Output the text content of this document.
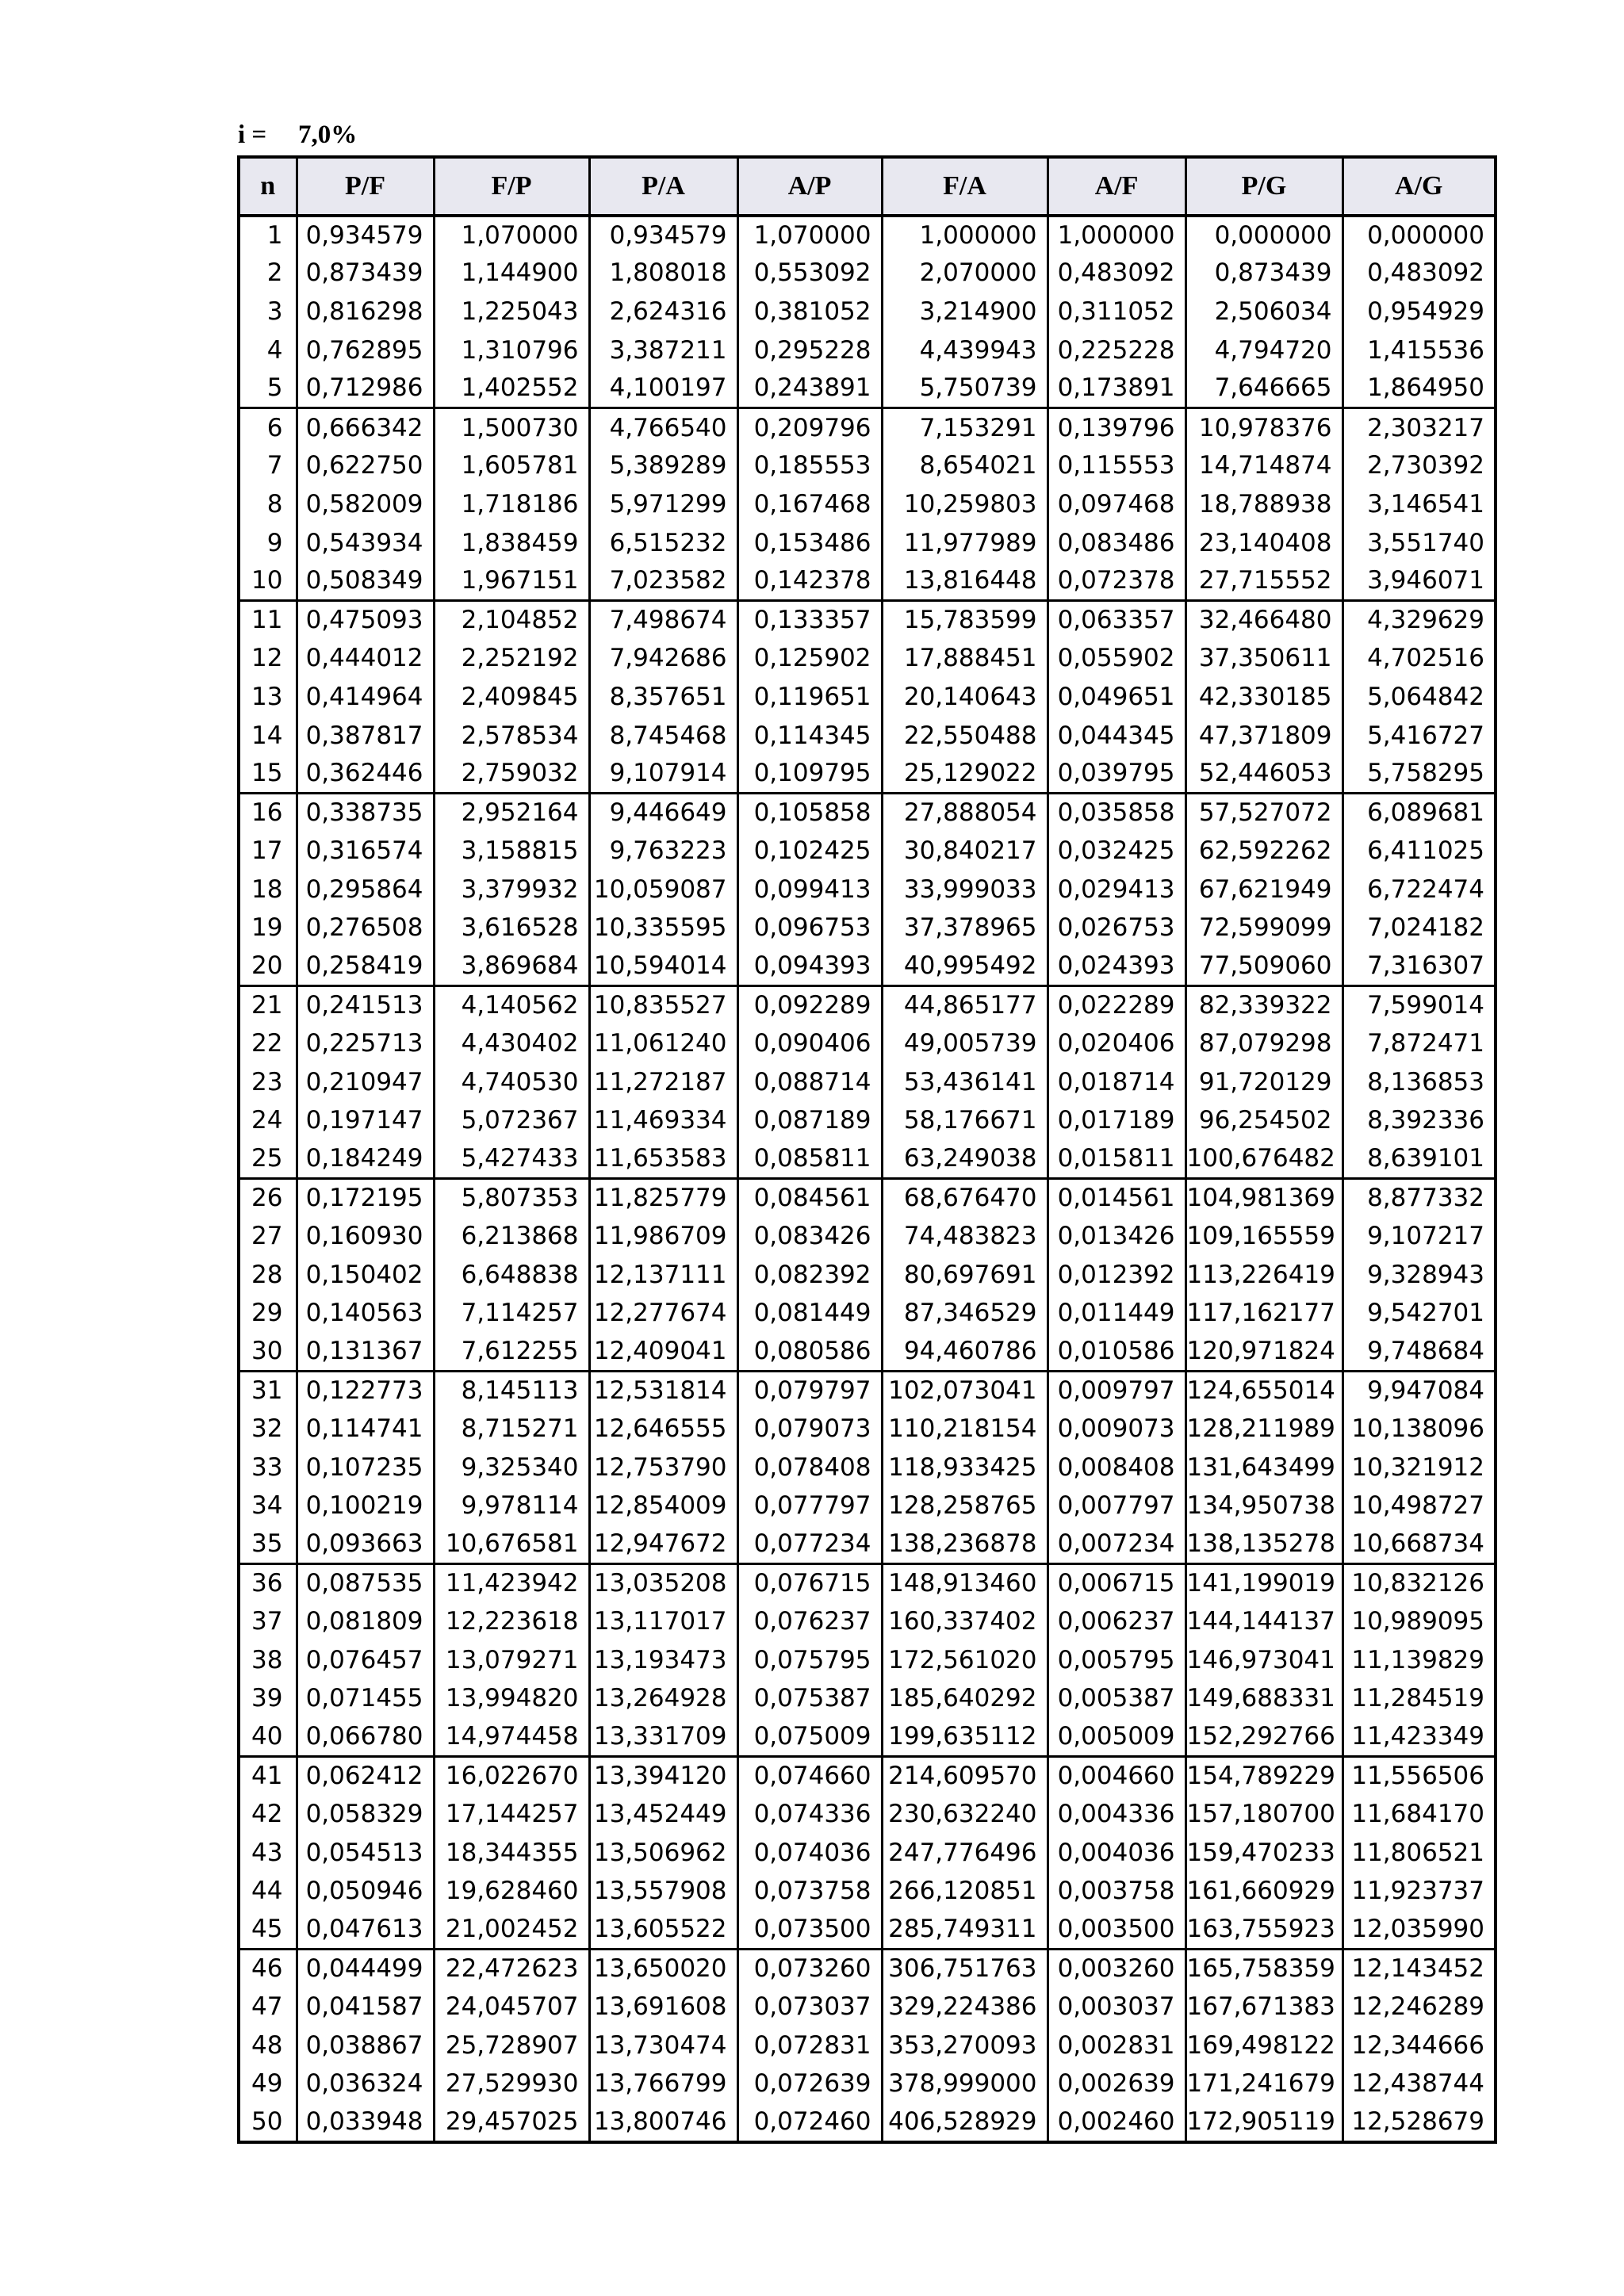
i = 7,0%
n	P/F	F/P	P/A	A/P	F/A	A/F	P/G	A/G
1	0,934579	1,070000	0,934579	1,070000	1,000000	1,000000	0,000000	0,000000
2	0,873439	1,144900	1,808018	0,553092	2,070000	0,483092	0,873439	0,483092
3	0,816298	1,225043	2,624316	0,381052	3,214900	0,311052	2,506034	0,954929
4	0,762895	1,310796	3,387211	0,295228	4,439943	0,225228	4,794720	1,415536
5	0,712986	1,402552	4,100197	0,243891	5,750739	0,173891	7,646665	1,864950
6	0,666342	1,500730	4,766540	0,209796	7,153291	0,139796	10,978376	2,303217
7	0,622750	1,605781	5,389289	0,185553	8,654021	0,115553	14,714874	2,730392
8	0,582009	1,718186	5,971299	0,167468	10,259803	0,097468	18,788938	3,146541
9	0,543934	1,838459	6,515232	0,153486	11,977989	0,083486	23,140408	3,551740
10	0,508349	1,967151	7,023582	0,142378	13,816448	0,072378	27,715552	3,946071
11	0,475093	2,104852	7,498674	0,133357	15,783599	0,063357	32,466480	4,329629
12	0,444012	2,252192	7,942686	0,125902	17,888451	0,055902	37,350611	4,702516
13	0,414964	2,409845	8,357651	0,119651	20,140643	0,049651	42,330185	5,064842
14	0,387817	2,578534	8,745468	0,114345	22,550488	0,044345	47,371809	5,416727
15	0,362446	2,759032	9,107914	0,109795	25,129022	0,039795	52,446053	5,758295
16	0,338735	2,952164	9,446649	0,105858	27,888054	0,035858	57,527072	6,089681
17	0,316574	3,158815	9,763223	0,102425	30,840217	0,032425	62,592262	6,411025
18	0,295864	3,379932	10,059087	0,099413	33,999033	0,029413	67,621949	6,722474
19	0,276508	3,616528	10,335595	0,096753	37,378965	0,026753	72,599099	7,024182
20	0,258419	3,869684	10,594014	0,094393	40,995492	0,024393	77,509060	7,316307
21	0,241513	4,140562	10,835527	0,092289	44,865177	0,022289	82,339322	7,599014
22	0,225713	4,430402	11,061240	0,090406	49,005739	0,020406	87,079298	7,872471
23	0,210947	4,740530	11,272187	0,088714	53,436141	0,018714	91,720129	8,136853
24	0,197147	5,072367	11,469334	0,087189	58,176671	0,017189	96,254502	8,392336
25	0,184249	5,427433	11,653583	0,085811	63,249038	0,015811	100,676482	8,639101
26	0,172195	5,807353	11,825779	0,084561	68,676470	0,014561	104,981369	8,877332
27	0,160930	6,213868	11,986709	0,083426	74,483823	0,013426	109,165559	9,107217
28	0,150402	6,648838	12,137111	0,082392	80,697691	0,012392	113,226419	9,328943
29	0,140563	7,114257	12,277674	0,081449	87,346529	0,011449	117,162177	9,542701
30	0,131367	7,612255	12,409041	0,080586	94,460786	0,010586	120,971824	9,748684
31	0,122773	8,145113	12,531814	0,079797	102,073041	0,009797	124,655014	9,947084
32	0,114741	8,715271	12,646555	0,079073	110,218154	0,009073	128,211989	10,138096
33	0,107235	9,325340	12,753790	0,078408	118,933425	0,008408	131,643499	10,321912
34	0,100219	9,978114	12,854009	0,077797	128,258765	0,007797	134,950738	10,498727
35	0,093663	10,676581	12,947672	0,077234	138,236878	0,007234	138,135278	10,668734
36	0,087535	11,423942	13,035208	0,076715	148,913460	0,006715	141,199019	10,832126
37	0,081809	12,223618	13,117017	0,076237	160,337402	0,006237	144,144137	10,989095
38	0,076457	13,079271	13,193473	0,075795	172,561020	0,005795	146,973041	11,139829
39	0,071455	13,994820	13,264928	0,075387	185,640292	0,005387	149,688331	11,284519
40	0,066780	14,974458	13,331709	0,075009	199,635112	0,005009	152,292766	11,423349
41	0,062412	16,022670	13,394120	0,074660	214,609570	0,004660	154,789229	11,556506
42	0,058329	17,144257	13,452449	0,074336	230,632240	0,004336	157,180700	11,684170
43	0,054513	18,344355	13,506962	0,074036	247,776496	0,004036	159,470233	11,806521
44	0,050946	19,628460	13,557908	0,073758	266,120851	0,003758	161,660929	11,923737
45	0,047613	21,002452	13,605522	0,073500	285,749311	0,003500	163,755923	12,035990
46	0,044499	22,472623	13,650020	0,073260	306,751763	0,003260	165,758359	12,143452
47	0,041587	24,045707	13,691608	0,073037	329,224386	0,003037	167,671383	12,246289
48	0,038867	25,728907	13,730474	0,072831	353,270093	0,002831	169,498122	12,344666
49	0,036324	27,529930	13,766799	0,072639	378,999000	0,002639	171,241679	12,438744
50	0,033948	29,457025	13,800746	0,072460	406,528929	0,002460	172,905119	12,528679
